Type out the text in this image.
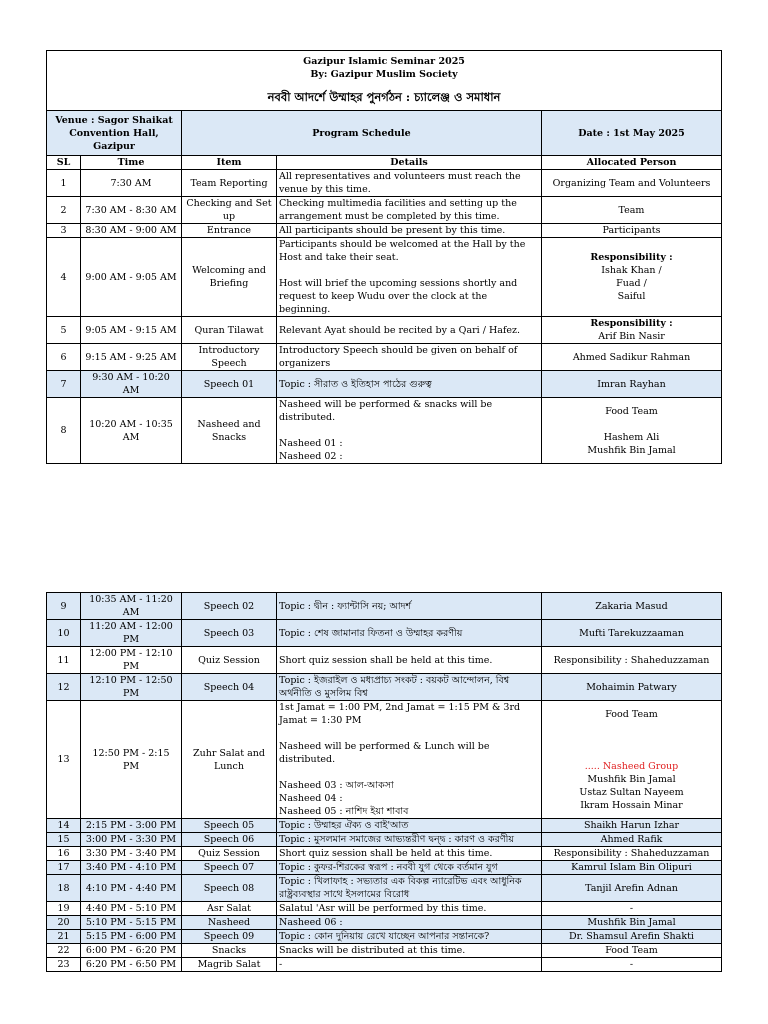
Gazipur Islamic Seminar 2025
By: Gazipur Muslim Society
নববী আদর্শে উম্মাহর পুনর্গঠন : চ্যালেঞ্জ ও সমাধান				

Venue : Sagor Shaikat Convention Hall, Gazipur		Program Schedule		Date : 1st May 2025
SL	Time	Item	Details	Allocated Person
1	7:30 AM	Team Reporting	All representatives and volunteers must reach the venue by this time.	Organizing Team and Volunteers
2	7:30 AM - 8:30 AM	Checking and Set up	Checking multimedia facilities and setting up the arrangement must be completed by this time.	Team
3	8:30 AM - 9:00 AM	Entrance	All participants should be present by this time.	Participants
4	9:00 AM - 9:05 AM	Welcoming and Briefing	Participants should be welcomed at the Hall by the Host and take their seat.

Host will brief the upcoming sessions shortly and request to keep Wudu over the clock at the beginning.	Responsibility :
Ishak Khan /
Fuad /
Saiful
5	9:05 AM - 9:15 AM	Quran Tilawat	Relevant Ayat should be recited by a Qari / Hafez.	Responsibility :
Arif Bin Nasir
6	9:15 AM - 9:25 AM	Introductory Speech	Introductory Speech should be given on behalf of organizers	Ahmed Sadikur Rahman
7	9:30 AM - 10:20 AM	Speech 01	Topic : সীরাত ও ইতিহাস পাঠের গুরুত্ব	Imran Rayhan
8	10:20 AM - 10:35 AM	Nasheed and Snacks	Nasheed will be performed & snacks will be distributed.

Nasheed 01 :
Nasheed 02 :	Food Team

Hashem Ali
Mushfik Bin Jamal
9	10:35 AM - 11:20 AM	Speech 02	Topic : দ্বীন : ফ্যান্টাসি নয়; আদর্শ	Zakaria Masud
10	11:20 AM - 12:00 PM	Speech 03	Topic : শেষ জামানার ফিতনা ও উম্মাহর করণীয়	Mufti Tarekuzzaaman
11	12:00 PM - 12:10 PM	Quiz Session	Short quiz session shall be held at this time.	Responsibility : Shaheduzzaman
12	12:10 PM - 12:50 PM	Speech 04	Topic : ইজরাইল ও মধ্যপ্রাচ্য সংকট : বয়কট আন্দোলন, বিশ্ব অর্থনীতি ও মুসলিম বিশ্ব	Mohaimin Patwary
13	12:50 PM - 2:15 PM	Zuhr Salat and Lunch	1st Jamat = 1:00 PM, 2nd Jamat = 1:15 PM & 3rd Jamat = 1:30 PM

Nasheed will be performed & Lunch will be distributed.

Nasheed 03 : আল-আকসা
Nasheed 04 :
Nasheed 05 : নাশিদ ইয়া শাবাব	Food Team

..... Nasheed Group
Mushfik Bin Jamal
Ustaz Sultan Nayeem
Ikram Hossain Minar
14	2:15 PM - 3:00 PM	Speech 05	Topic : উম্মাহর ঐক্য ও বাই'আত	Shaikh Harun Izhar
15	3:00 PM - 3:30 PM	Speech 06	Topic : মুসলমান সমাজের আভ্যন্তরীণ দ্বন্দ্ব : কারণ ও করণীয়	Ahmed Rafik
16	3:30 PM - 3:40 PM	Quiz Session	Short quiz session shall be held at this time.	Responsibility : Shaheduzzaman
17	3:40 PM - 4:10 PM	Speech 07	Topic : কুফর-শিরকের স্বরূপ : নববী যুগ থেকে বর্তমান যুগ	Kamrul Islam Bin Olipuri
18	4:10 PM - 4:40 PM	Speech 08	Topic : খিলাফাহ : সভ্যতার এক বিকল্প ন্যারেটিভ এবং আধুনিক রাষ্ট্রব্যবস্থার সাথে ইসলামের বিরোধ	Tanjil Arefin Adnan
19	4:40 PM - 5:10 PM	Asr Salat	Salatul 'Asr will be performed by this time.	-
20	5:10 PM - 5:15 PM	Nasheed	Nasheed 06 :	Mushfik Bin Jamal
21	5:15 PM - 6:00 PM	Speech 09	Topic : কোন দুনিয়ায় রেখে যাচ্ছেন আপনার সন্তানকে?	Dr. Shamsul Arefin Shakti
22	6:00 PM - 6:20 PM	Snacks	Snacks will be distributed at this time.	Food Team
23	6:20 PM - 6:50 PM	Magrib Salat	-	-
